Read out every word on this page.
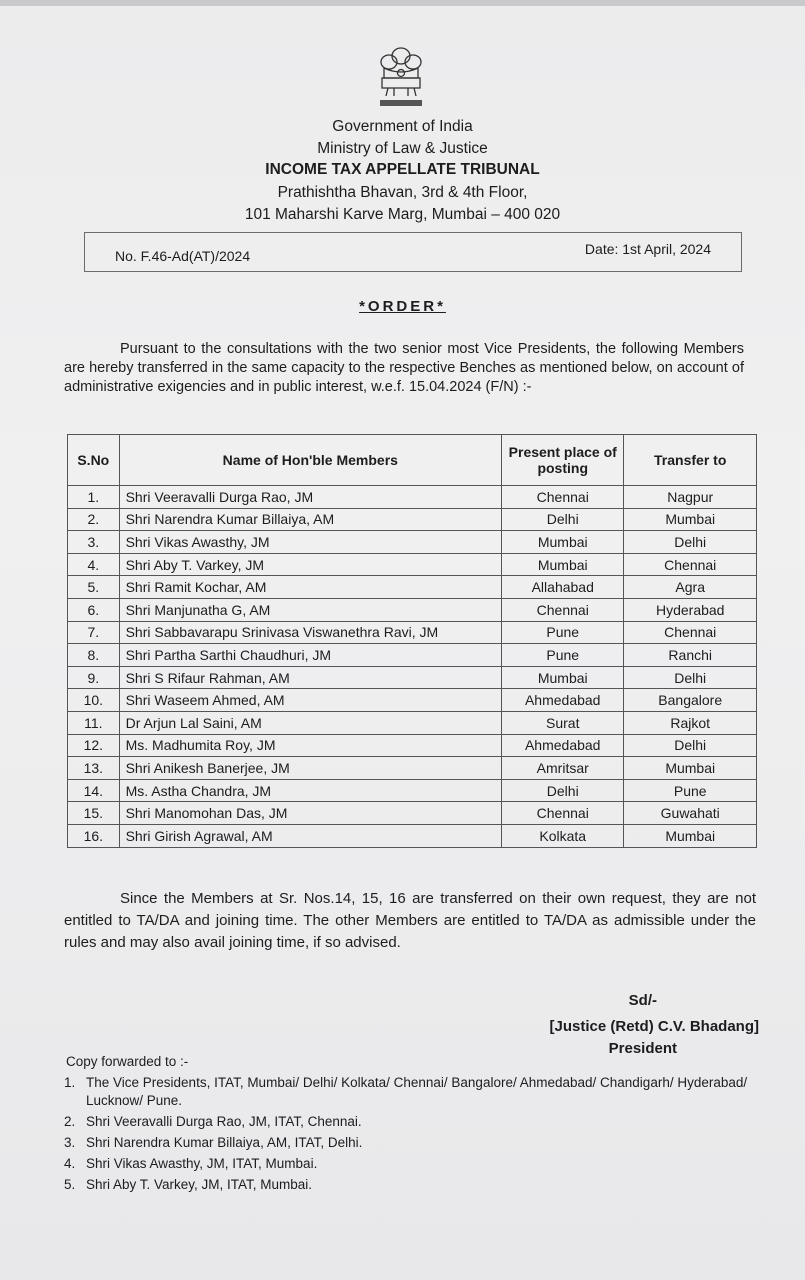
Government of India
Ministry of Law & Justice
INCOME TAX APPELLATE TRIBUNAL
Prathishtha Bhavan, 3rd & 4th Floor,
101 Maharshi Karve Marg, Mumbai – 400 020
No. F.46-Ad(AT)/2024	Date: 1st April, 2024
*ORDER*
Pursuant to the consultations with the two senior most Vice Presidents, the following Members are hereby transferred in the same capacity to the respective Benches as mentioned below, on account of administrative exigencies and in public interest, w.e.f. 15.04.2024 (F/N) :-
S.No	Name of Hon'ble Members	Present place of posting	Transfer to
1.	Shri Veeravalli Durga Rao, JM	Chennai	Nagpur
2.	Shri Narendra Kumar Billaiya, AM	Delhi	Mumbai
3.	Shri Vikas Awasthy, JM	Mumbai	Delhi
4.	Shri Aby T. Varkey, JM	Mumbai	Chennai
5.	Shri Ramit Kochar, AM	Allahabad	Agra
6.	Shri Manjunatha G, AM	Chennai	Hyderabad
7.	Shri Sabbavarapu Srinivasa Viswanethra Ravi, JM	Pune	Chennai
8.	Shri Partha Sarthi Chaudhuri, JM	Pune	Ranchi
9.	Shri S Rifaur Rahman, AM	Mumbai	Delhi
10.	Shri Waseem Ahmed, AM	Ahmedabad	Bangalore
11.	Dr Arjun Lal Saini, AM	Surat	Rajkot
12.	Ms. Madhumita Roy, JM	Ahmedabad	Delhi
13.	Shri Anikesh Banerjee, JM	Amritsar	Mumbai
14.	Ms. Astha Chandra, JM	Delhi	Pune
15.	Shri Manomohan Das, JM	Chennai	Guwahati
16.	Shri Girish Agrawal, AM	Kolkata	Mumbai
Since the Members at Sr. Nos.14, 15, 16 are transferred on their own request, they are not entitled to TA/DA and joining time. The other Members are entitled to TA/DA as admissible under the rules and may also avail joining time, if so advised.
Sd/-
[Justice (Retd) C.V. Bhadang]
President
Copy forwarded to :-
1. The Vice Presidents, ITAT, Mumbai/ Delhi/ Kolkata/ Chennai/ Bangalore/ Ahmedabad/ Chandigarh/ Hyderabad/ Lucknow/ Pune.
2. Shri Veeravalli Durga Rao, JM, ITAT, Chennai.
3. Shri Narendra Kumar Billaiya, AM, ITAT, Delhi.
4. Shri Vikas Awasthy, JM, ITAT, Mumbai.
5. Shri Aby T. Varkey, JM, ITAT, Mumbai.
